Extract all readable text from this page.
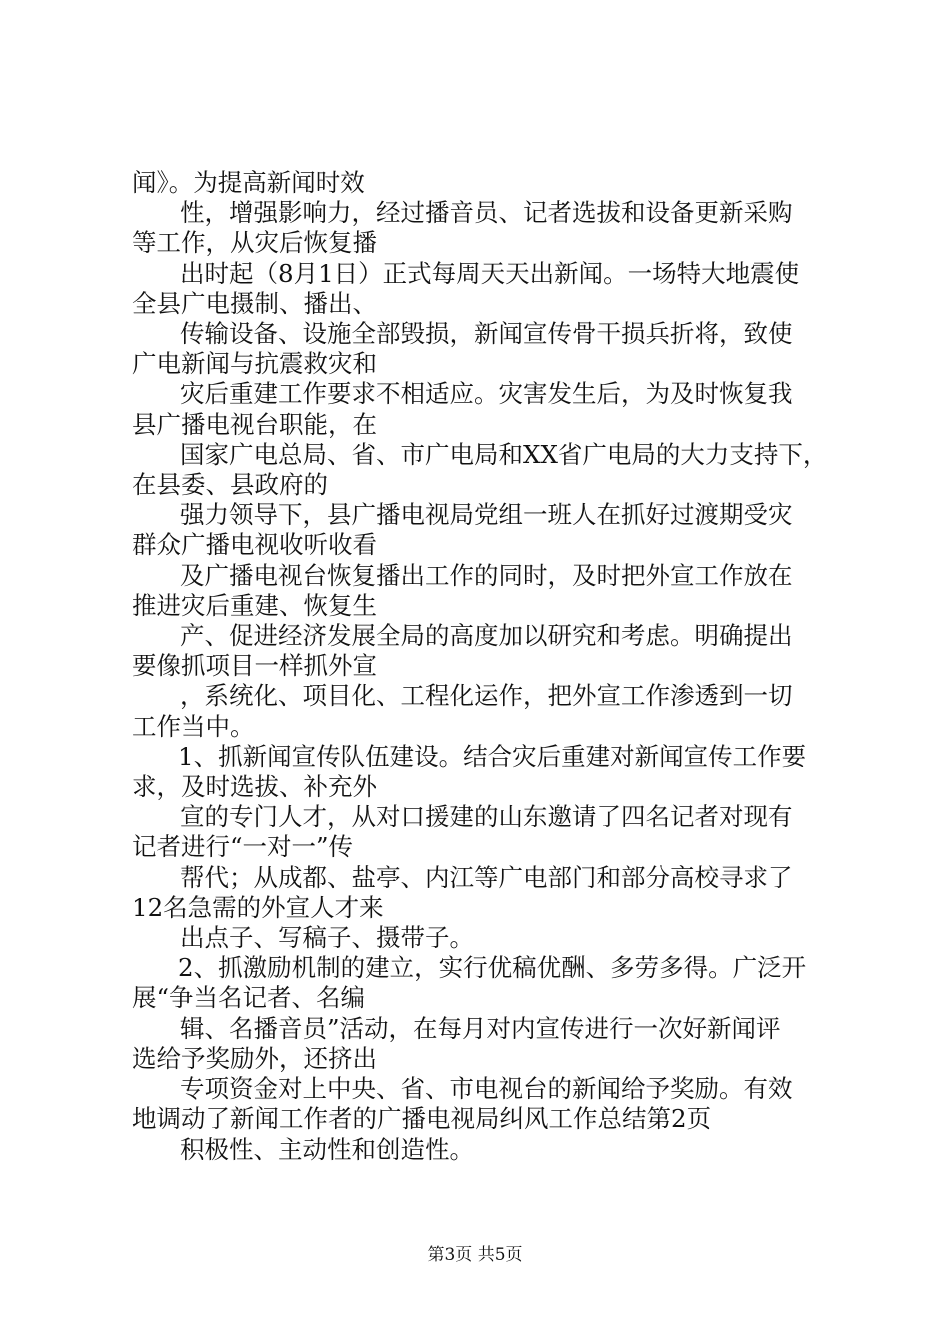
闻》。为提高新闻时效
性，增强影响力，经过播音员、记者选拔和设备更新采购
等工作，从灾后恢复播
出时起（8月1日）正式每周天天出新闻。一场特大地震使
全县广电摄制、播出、
传输设备、设施全部毁损，新闻宣传骨干损兵折将，致使
广电新闻与抗震救灾和
灾后重建工作要求不相适应。灾害发生后，为及时恢复我
县广播电视台职能，在
国家广电总局、省、市广电局和XX省广电局的大力支持下，
在县委、县政府的
强力领导下，县广播电视局党组一班人在抓好过渡期受灾
群众广播电视收听收看
及广播电视台恢复播出工作的同时，及时把外宣工作放在
推进灾后重建、恢复生
产、促进经济发展全局的高度加以研究和考虑。明确提出
要像抓项目一样抓外宣
，系统化、项目化、工程化运作，把外宣工作渗透到一切
工作当中。
1、抓新闻宣传队伍建设。结合灾后重建对新闻宣传工作要
求，及时选拔、补充外
宣的专门人才，从对口援建的山东邀请了四名记者对现有
记者进行“一对一”传
帮代；从成都、盐亭、内江等广电部门和部分高校寻求了
12名急需的外宣人才来
出点子、写稿子、摄带子。
2、抓激励机制的建立，实行优稿优酬、多劳多得。广泛开
展“争当名记者、名编
辑、名播音员”活动，在每月对内宣传进行一次好新闻评
选给予奖励外，还挤出
专项资金对上中央、省、市电视台的新闻给予奖励。有效
地调动了新闻工作者的广播电视局纠风工作总结第2页
积极性、主动性和创造性。
第3页 共5页
